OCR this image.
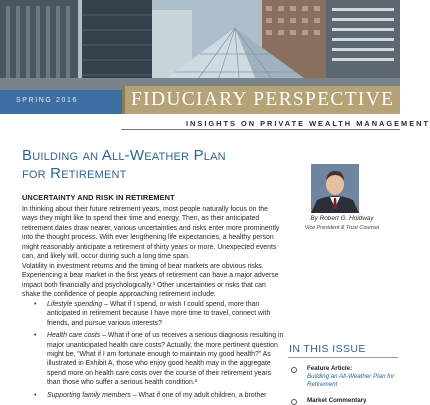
SPRING 2016	FIDUCIARY PERSPECTIVE
INSIGHTS ON PRIVATE WEALTH MANAGEMENT
Building an All-Weather Plan
for Retirement
UNCERTAINTY AND RISK IN RETIREMENT

In thinking about their future retirement years, most people naturally focus on the ways they might like to spend their time and energy. Then, as their anticipated retirement dates draw nearer, various uncertainties and risks enter more prominently into the thought process. With ever lengthening life expectancies, a healthy person might reasonably anticipate a retirement of thirty years or more. Unexpected events can, and likely will, occur during such a long time span.

Volatility in investment returns and the timing of bear markets are obvious risks. Experiencing a bear market in the first years of retirement can have a major adverse impact both financially and psychologically.¹ Other uncertainties or risks that can shake the confidence of people approaching retirement include:

• Lifestyle spending – What if I spend, or wish I could spend, more than anticipated in retirement because I have more time to travel, connect with friends, and pursue various interests?
• Health care costs – What if one of us receives a serious diagnosis resulting in major unanticipated health care costs? Actually, the more pertinent question might be, “What if I am fortunate enough to maintain my good health?” As illustrated in Exhibit A, those who enjoy good health may in the aggregate spend more on health care costs over the course of their retirement years than those who suffer a serious health condition.²
• Supporting family members – What if one of my adult children, a brother
By Robert G. Holdway
Vice President & Trust Counsel
IN THIS ISSUE
Feature Article:
Building an All-Weather Plan for Retirement
Market Commentary
